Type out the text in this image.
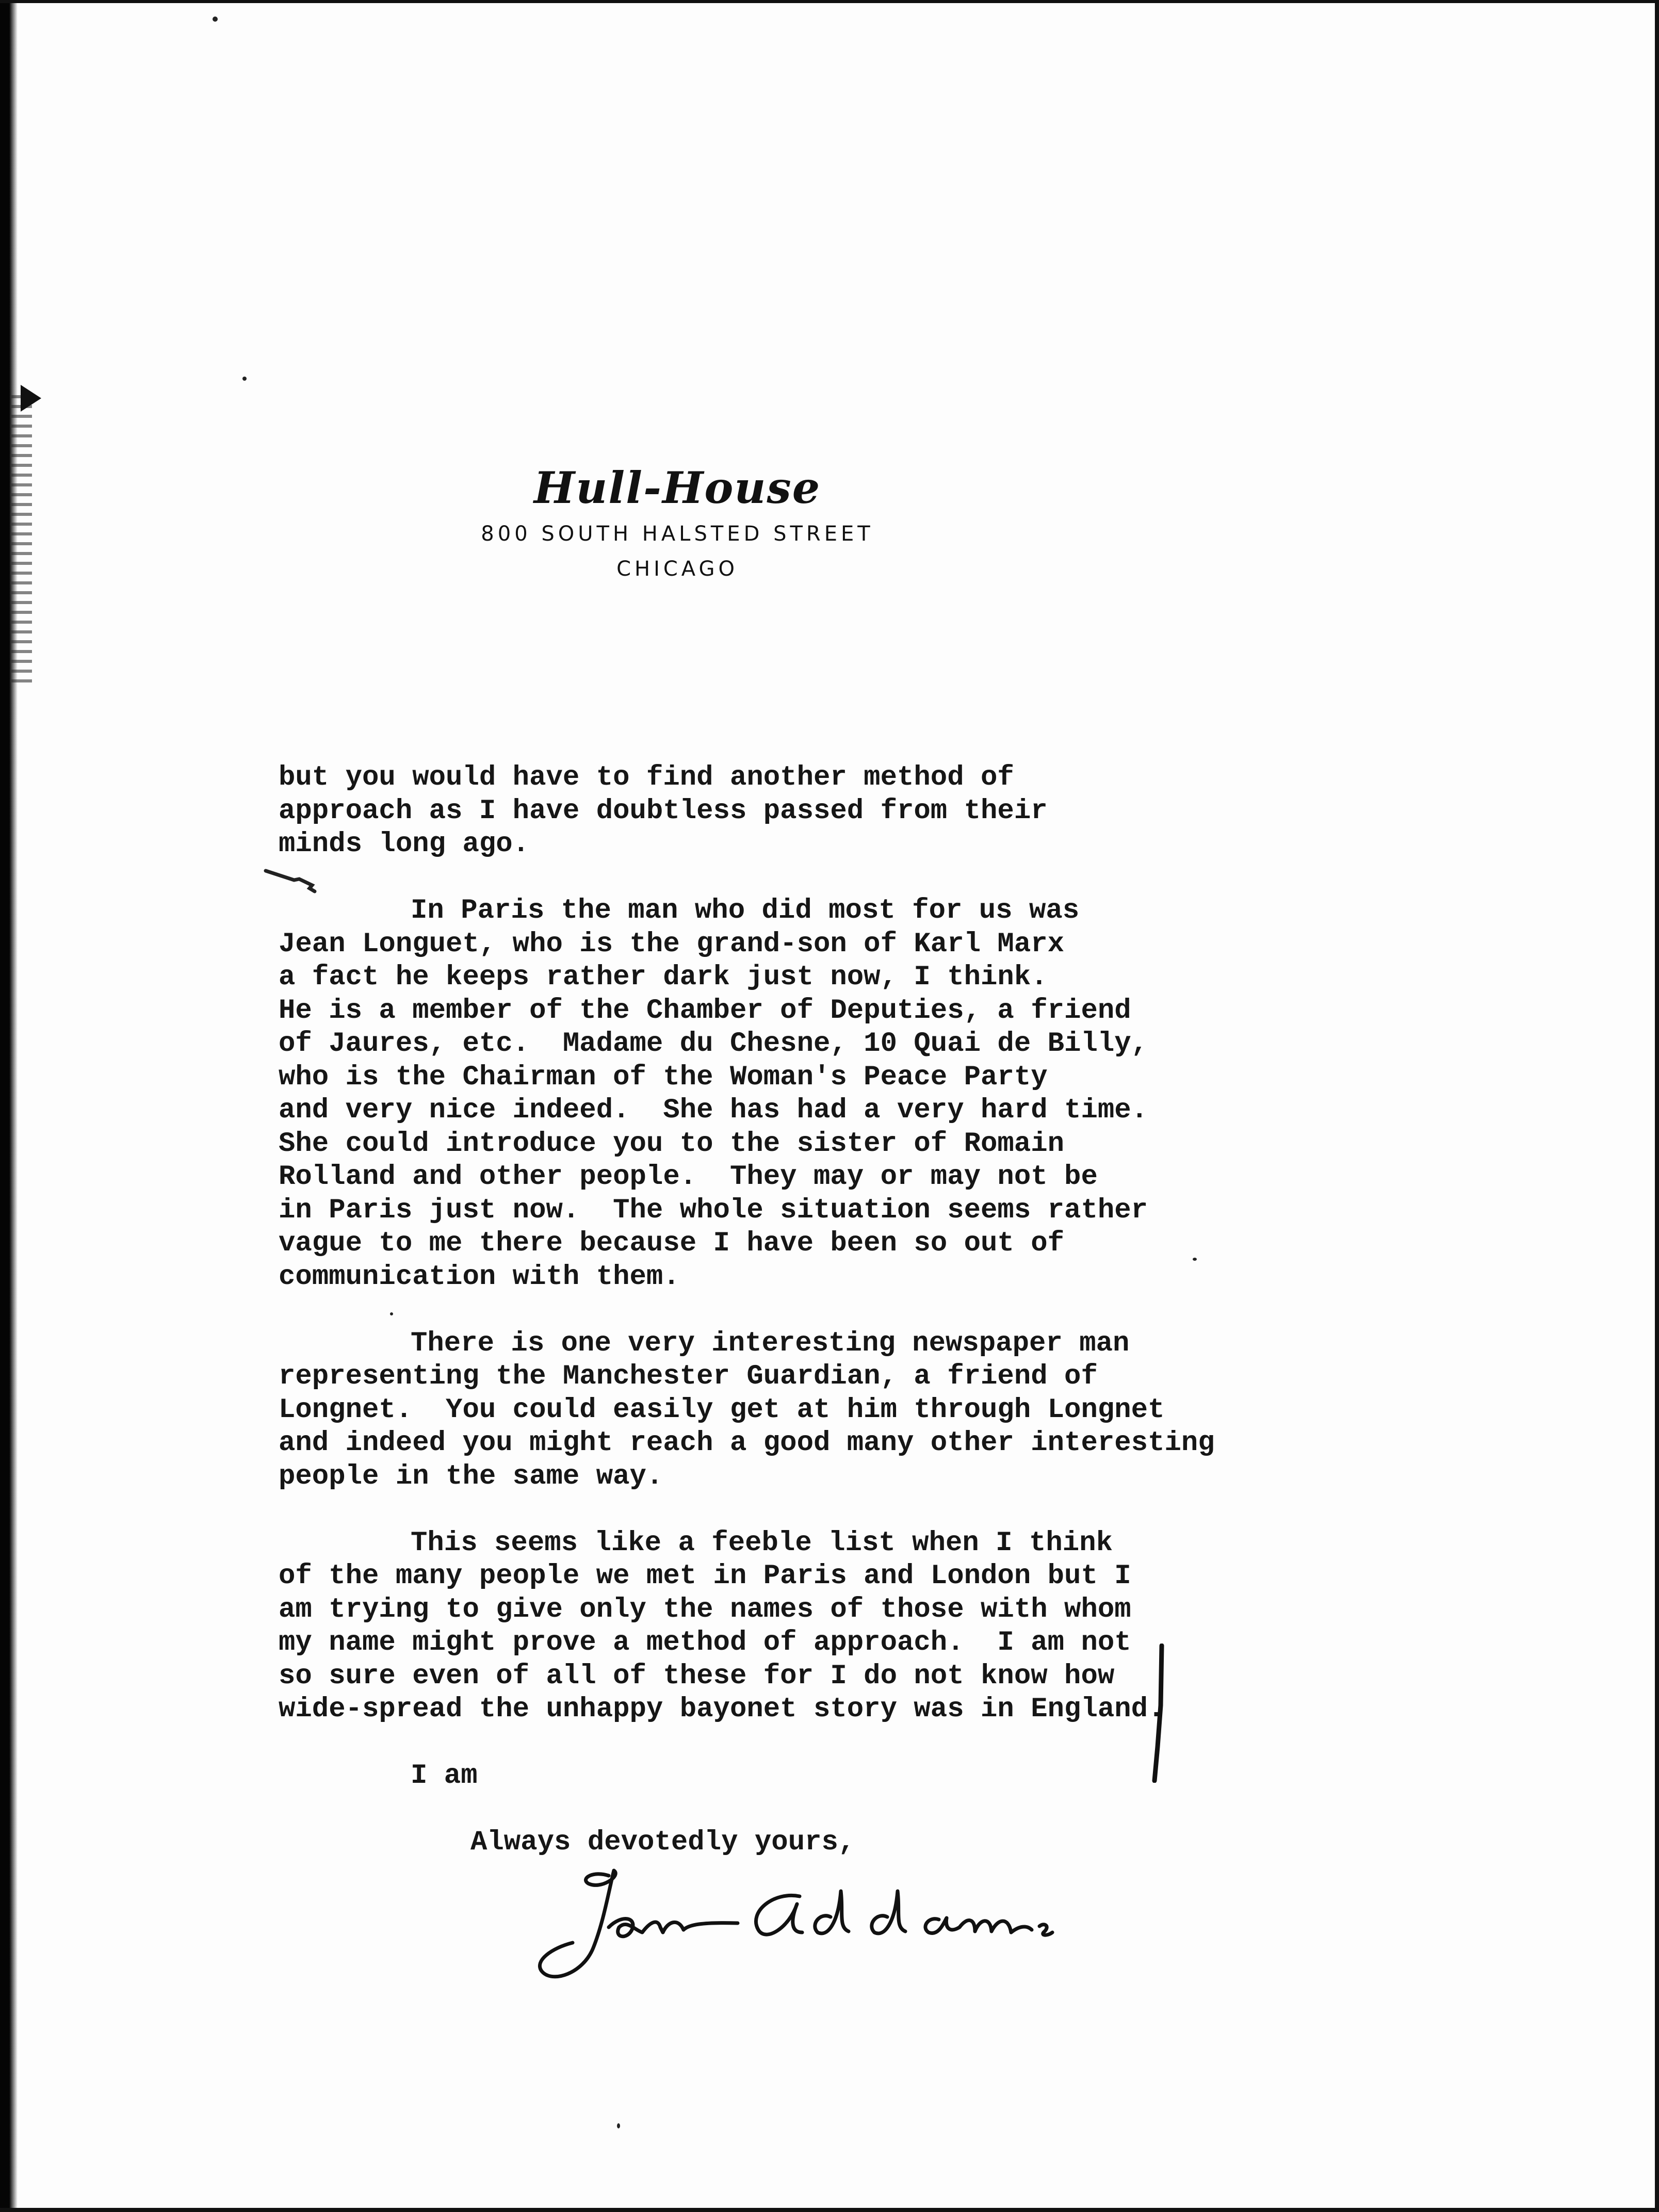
Hull-House
800 SOUTH HALSTED STREET
CHICAGO
but you would have to find another method of
approach as I have doubtless passed from their
minds long ago.
In Paris the man who did most for us was
Jean Longuet, who is the grand-son of Karl Marx
a fact he keeps rather dark just now, I think.
He is a member of the Chamber of Deputies, a friend
of Jaures, etc.  Madame du Chesne, 10 Quai de Billy,
who is the Chairman of the Woman's Peace Party
and very nice indeed.  She has had a very hard time.
She could introduce you to the sister of Romain
Rolland and other people.  They may or may not be
in Paris just now.  The whole situation seems rather
vague to me there because I have been so out of
communication with them.
There is one very interesting newspaper man
representing the Manchester Guardian, a friend of
Longnet.  You could easily get at him through Longnet
and indeed you might reach a good many other interesting
people in the same way.
This seems like a feeble list when I think
of the many people we met in Paris and London but I
am trying to give only the names of those with whom
my name might prove a method of approach.  I am not
so sure even of all of these for I do not know how
wide-spread the unhappy bayonet story was in England.
I am
Always devotedly yours,
